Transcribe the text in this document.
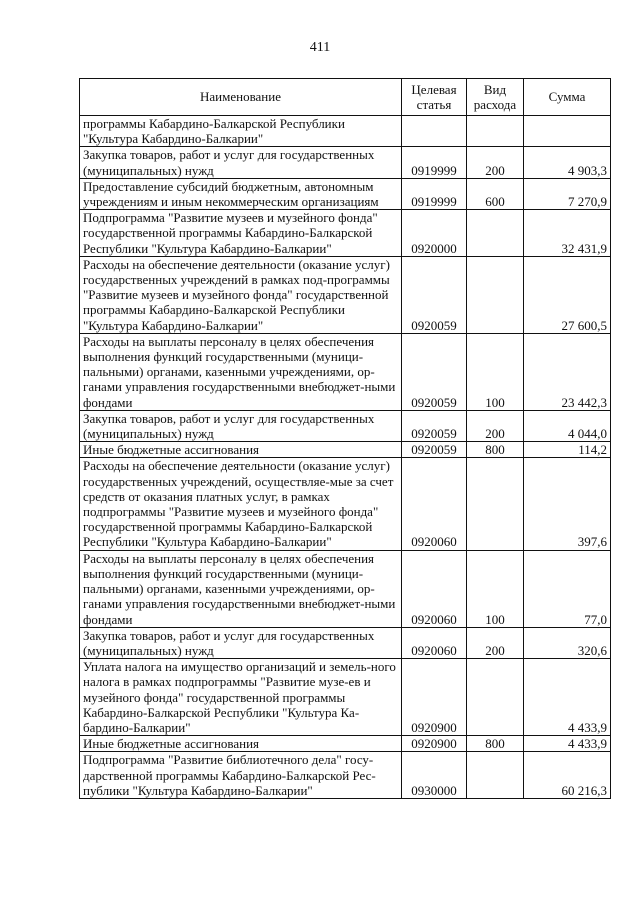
411
Наименование	Целевая статья	Вид расхода	Сумма
программы Кабардино-Балкарской Республики "Культура Кабардино-Балкарии"			
Закупка товаров, работ и услуг для государственных (муниципальных) нужд	0919999	200	4 903,3
Предоставление субсидий бюджетным, автономным учреждениям и иным некоммерческим организациям	0919999	600	7 270,9
Подпрограмма "Развитие музеев и музейного фонда" государственной программы Кабардино-Балкарской Республики "Культура Кабардино-Балкарии"	0920000		32 431,9
Расходы на обеспечение деятельности (оказание услуг) государственных учреждений в рамках под-программы "Развитие музеев и музейного фонда" государственной программы Кабардино-Балкарской Республики "Культура Кабардино-Балкарии"	0920059		27 600,5
Расходы на выплаты персоналу в целях обеспечения выполнения функций государственными (муници-пальными) органами, казенными учреждениями, ор-ганами управления государственными внебюджет-ными фондами	0920059	100	23 442,3
Закупка товаров, работ и услуг для государственных (муниципальных) нужд	0920059	200	4 044,0
Иные бюджетные ассигнования	0920059	800	114,2
Расходы на обеспечение деятельности (оказание услуг) государственных учреждений, осуществляе-мые за счет средств от оказания платных услуг, в рамках подпрограммы "Развитие музеев и музейного фонда" государственной программы Кабардино-Балкарской Республики "Культура Кабардино-Балкарии"	0920060		397,6
Расходы на выплаты персоналу в целях обеспечения выполнения функций государственными (муници-пальными) органами, казенными учреждениями, ор-ганами управления государственными внебюджет-ными фондами	0920060	100	77,0
Закупка товаров, работ и услуг для государственных (муниципальных) нужд	0920060	200	320,6
Уплата налога на имущество организаций и земель-ного налога в рамках подпрограммы "Развитие музе-ев и музейного фонда" государственной программы Кабардино-Балкарской Республики "Культура Ка-бардино-Балкарии"	0920900		4 433,9
Иные бюджетные ассигнования	0920900	800	4 433,9
Подпрограмма "Развитие библиотечного дела" госу-дарственной программы Кабардино-Балкарской Рес-публики "Культура Кабардино-Балкарии"	0930000		60 216,3
